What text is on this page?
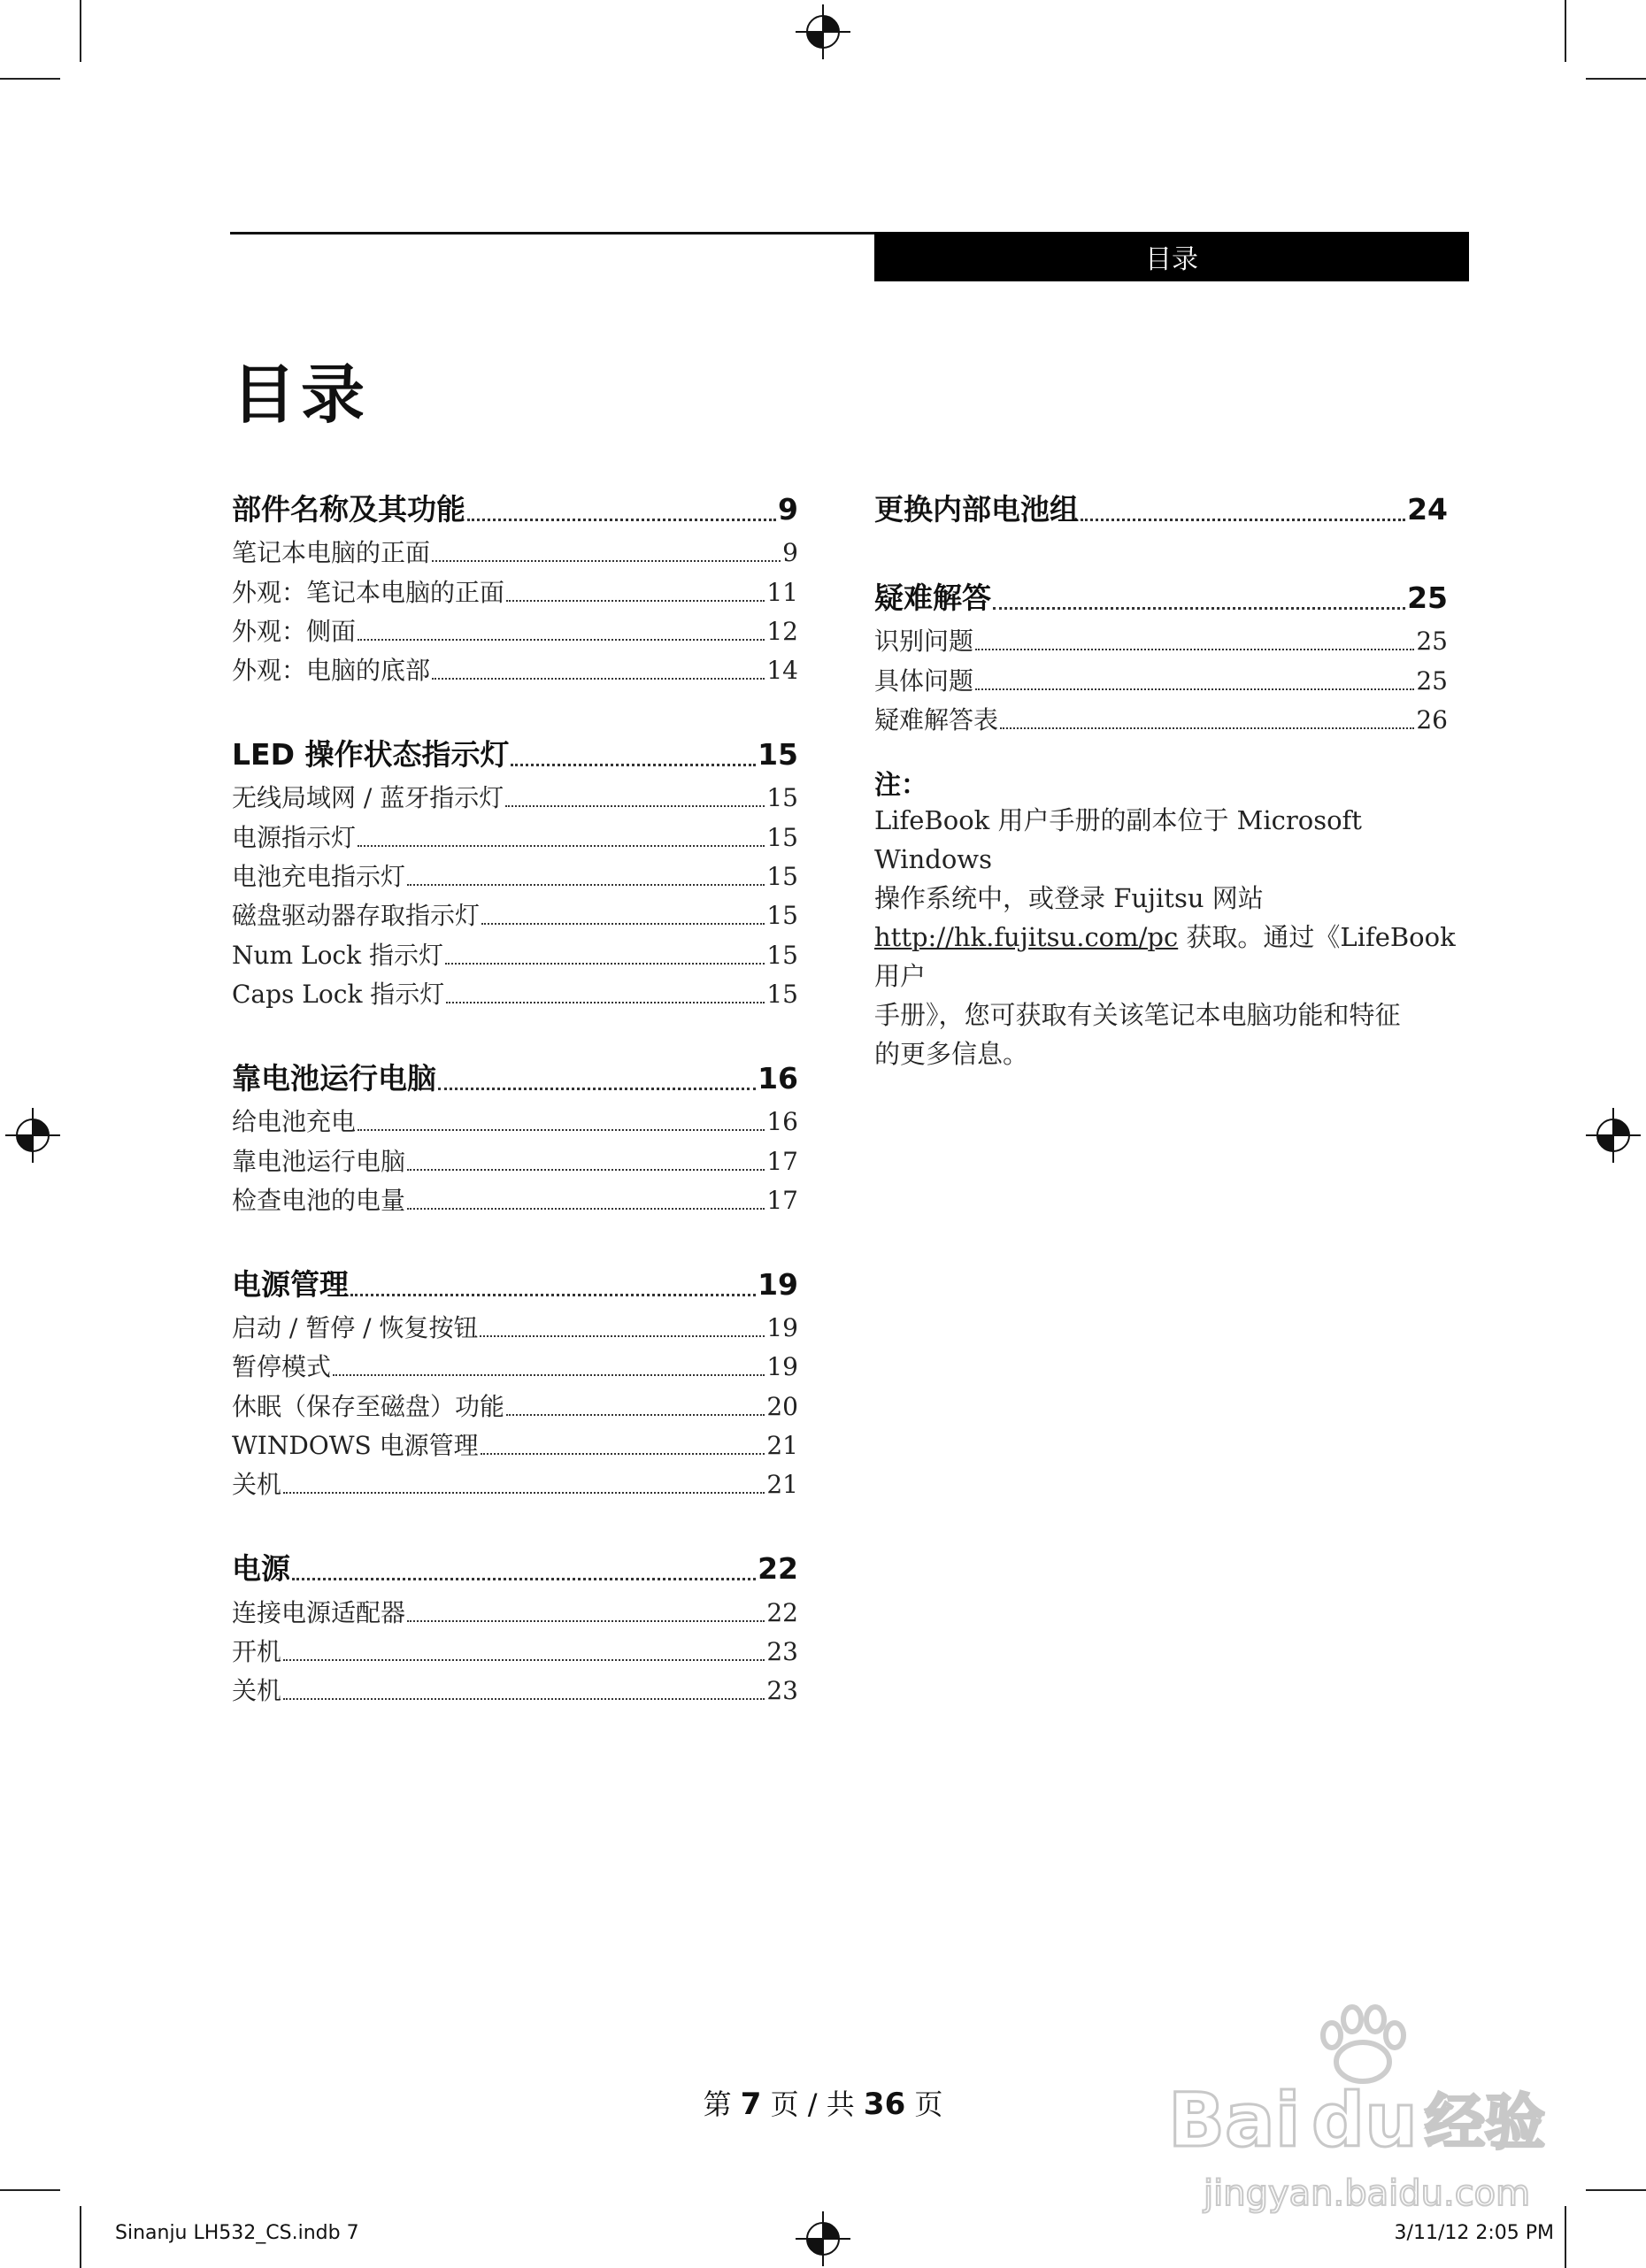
目录
目录
部件名称及其功能	9
笔记本电脑的正面	9
外观：笔记本电脑的正面	11
外观：侧面	12
外观：电脑的底部	14
LED 操作状态指示灯	15
无线局域网 / 蓝牙指示灯	15
电源指示灯	15
电池充电指示灯	15
磁盘驱动器存取指示灯	15
Num Lock 指示灯	15
Caps Lock 指示灯	15
靠电池运行电脑	16
给电池充电	16
靠电池运行电脑	17
检查电池的电量	17
电源管理	19
启动 / 暂停 / 恢复按钮	19
暂停模式	19
休眠（保存至磁盘）功能	20
WINDOWS 电源管理	21
关机	21
电源	22
连接电源适配器	22
开机	23
关机	23
更换内部电池组	24
疑难解答	25
识别问题	25
具体问题	25
疑难解答表	26
注：
LifeBook 用户手册的副本位于 Microsoft Windows
操作系统中，或登录 Fujitsu 网站
http://hk.fujitsu.com/pc 获取。通过《LifeBook 用户
手册》，您可获取有关该笔记本电脑功能和特征
的更多信息。
第 7 页 / 共 36 页
Sinanju LH532_CS.indb 7	3/11/12 2:05 PM
Bai du 经验
jingyan.baidu.com
